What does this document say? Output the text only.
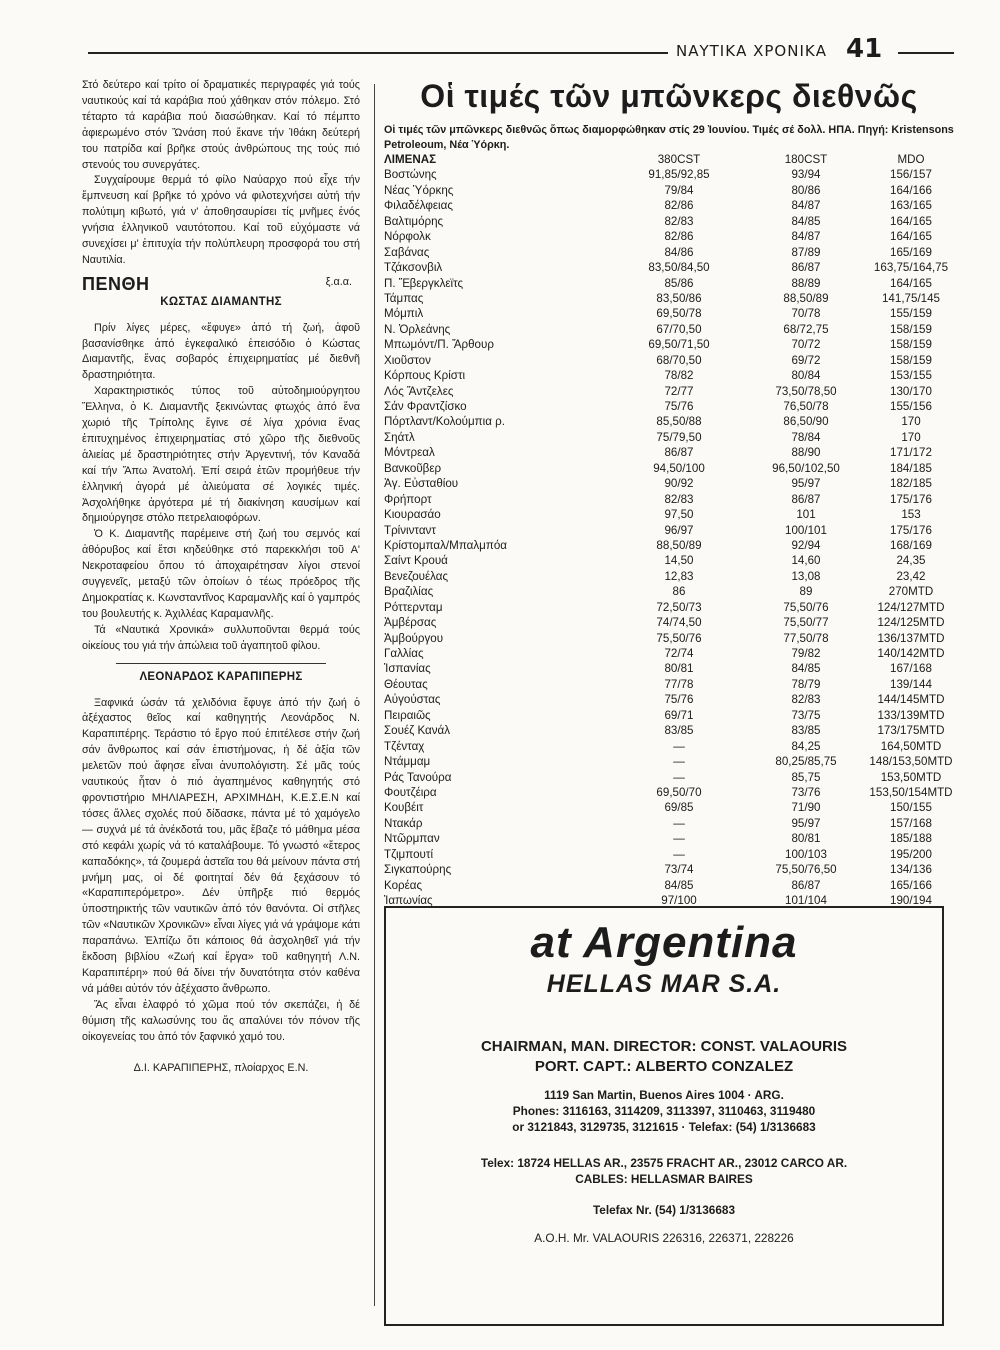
ΝΑΥΤΙΚΑ ΧΡΟΝΙΚΑ 41

Στό δεύτερο καί τρίτο οί δραματικές περιγραφές γιά τούς ναυτικούς καί τά καράβια πού χάθηκαν στόν πόλεμο. Στό τέταρτο τά καράβια πού διασώθηκαν. Καί τό πέμπτο ἀφιερωμένο στόν Ὤνάση πού ἔκανε τήν Ἰθάκη δεύτερή του πατρίδα καί βρῆκε στούς ἀνθρώπους της τούς πιό στενούς του συνεργάτες.

Συγχαίρουμε θερμά τό φίλο Ναύαρχο πού εἶχε τήν ἔμπνευση καί βρῆκε τό χρόνο νά φιλοτεχνήσει αὐτή τήν πολύτιμη κιβωτό, γιά ν' ἀποθησαυρίσει τίς μνῆμες ἑνός γνήσια ἑλληνικοῦ ναυτότοπου. Καί τοῦ εὐχόμαστε νά συνεχίσει μ' ἐπιτυχία τήν πολύπλευρη προσφορά του στή Ναυτιλία.

ξ.α.α.
ΠΕΝΘΗ
ΚΩΣΤΑΣ ΔΙΑΜΑΝΤΗΣ

Πρίν λίγες μέρες, «ἔφυγε» ἀπό τή ζωή, ἀφοῦ βασανίσθηκε ἀπό ἐγκεφαλικό ἐπεισόδιο ὁ Κώστας Διαμαντῆς, ἕνας σοβαρός ἐπιχειρηματίας μέ διεθνῆ δραστηριότητα.

Χαρακτηριστικός τύπος τοῦ αὐτοδημιούργητου Ἕλληνα, ὁ Κ. Διαμαντῆς ξεκινώντας φτωχός ἀπό ἕνα χωριό τῆς Τρίπολης ἔγινε σέ λίγα χρόνια ἕνας ἐπιτυχημένος ἐπιχειρηματίας στό χῶρο τῆς διεθνοῦς ἁλιείας μέ δραστηριότητες στήν Ἀργεντινή, τόν Καναδά καί τήν Ἄπω Ἀνατολή. Ἐπί σειρά ἐτῶν προμήθευε τήν ἑλληνική ἀγορά μέ ἀλιεύματα σέ λογικές τιμές. Ἀσχολήθηκε ἀργότερα μέ τή διακίνηση καυσίμων καί δημιούργησε στόλο πετρελαιοφόρων.

Ὁ Κ. Διαμαντῆς παρέμεινε στή ζωή του σεμνός καί ἀθόρυβος καί ἔτσι κηδεύθηκε στό παρεκκλήσι τοῦ Α' Νεκροταφείου ὅπου τό ἀποχαιρέτησαν λίγοι στενοί συγγενεῖς, μεταξύ τῶν ὁποίων ὁ τέως πρόεδρος τῆς Δημοκρατίας κ. Κωνσταντῖνος Καραμανλῆς καί ὁ γαμπρός του βουλευτής κ. Ἀχιλλέας Καραμανλῆς.

Τά «Ναυτικά Χρονικά» συλλυποῦνται θερμά τούς οἰκείους του γιά τήν ἀπώλεια τοῦ ἀγαπητοῦ φίλου.

ΛΕΟΝΑΡΔΟΣ ΚΑΡΑΠΙΠΕΡΗΣ

Ξαφνικά ὡσάν τά χελιδόνια ἔφυγε ἀπό τήν ζωή ὁ ἀξέχαστος θεῖος καί καθηγητής Λεονάρδος Ν. Καραπιπέρης. Τεράστιο τό ἔργο πού ἐπιτέλεσε στήν ζωή σάν ἄνθρωπος καί σάν ἐπιστήμονας, ἡ δέ ἀξία τῶν μελετῶν πού ἄφησε εἶναι ἀνυπολόγιστη. Σέ μᾶς τούς ναυτικούς ἦταν ὁ πιό ἀγαπημένος καθηγητής στό φροντιστήριο ΜΗΛΙΑΡΕΣΗ, ΑΡΧΙΜΗΔΗ, Κ.Ε.Σ.Ε.Ν καί τόσες ἄλλες σχολές πού δίδασκε, πάντα μέ τό χαμόγελο — συχνά μέ τά ἀνέκδοτά του, μᾶς ἔβαζε τό μάθημα μέσα στό κεφάλι χωρίς νά τό καταλάβουμε. Τό γνωστό «ἕτερος καπαδόκης», τά ζουμερά ἀστεῖα του θά μείνουν πάντα στή μνήμη μας, οἱ δέ φοιτηταί δέν θά ξεχάσουν τό «Καραπιπερόμετρο». Δέν ὑπῆρξε πιό θερμός ὑποστηρικτής τῶν ναυτικῶν ἀπό τόν θανόντα. Οἱ στῆλες τῶν «Ναυτικῶν Χρονικῶν» εἶναι λίγες γιά νά γράψομε κάτι παραπάνω. Ἐλπίζω ὅτι κάποιος θά ἀσχοληθεῖ γιά τήν ἔκδοση βιβλίου «Ζωή καί ἔργα» τοῦ καθηγητή Λ.Ν. Καραπιπέρη» πού θά δίνει τήν δυνατότητα στόν καθένα νά μάθει αὐτόν τόν ἀξέχαστο ἄνθρωπο.

Ἄς εἶναι ἐλαφρό τό χῶμα πού τόν σκεπάζει, ἡ δέ θύμιση τῆς καλωσύνης του ἄς απαλύνει τόν πόνον τῆς οἰκογενείας του ἀπό τόν ξαφνικό χαμό του.

Δ.Ι. ΚΑΡΑΠΙΠΕΡΗΣ, πλοίαρχος Ε.Ν.
Οἱ τιμές τῶν μπῶνκερς διεθνῶς
Οἱ τιμές τῶν μπῶνκερς διεθνῶς ὅπως διαμορφώθηκαν στίς 29 Ἰουνίου. Τιμές σέ δολλ. ΗΠΑ. Πηγή: Kristensons Petroleoum, Νέα Ὑόρκη.
ΛΙΜΕΝΑΣ	380CST	180CST	MDO
Βοστώνης	91,85/92,85	93/94	156/157
Νέας Ὑόρκης	79/84	80/86	164/166
Φιλαδέλφειας	82/86	84/87	163/165
Βαλτιμόρης	82/83	84/85	164/165
Νόρφολκ	82/86	84/87	164/165
Σαβάνας	84/86	87/89	165/169
Τζάκσονβιλ	83,50/84,50	86/87	163,75/164,75
Π. Ἔβεργκλεϊτς	85/86	88/89	164/165
Τάμπας	83,50/86	88,50/89	141,75/145
Μόμπιλ	69,50/78	70/78	155/159
Ν. Ὀρλεάνης	67/70,50	68/72,75	158/159
Μπωμόντ/Π. Ἄρθουρ	69,50/71,50	70/72	158/159
Χιοῦστον	68/70,50	69/72	158/159
Κόρπους Κρίστι	78/82	80/84	153/155
Λός Ἄντζελες	72/77	73,50/78,50	130/170
Σάν Φραντζίσκο	75/76	76,50/78	155/156
Πόρτλαντ/Κολούμπια ρ.	85,50/88	86,50/90	170
Σηάτλ	75/79,50	78/84	170
Μόντρεαλ	86/87	88/90	171/172
Βανκοῦβερ	94,50/100	96,50/102,50	184/185
Ἀγ. Εὐσταθίου	90/92	95/97	182/185
Φρήπορτ	82/83	86/87	175/176
Κιουρασάο	97,50	101	153
Τρίνινταντ	96/97	100/101	175/176
Κρίστομπαλ/Μπαλμπόα	88,50/89	92/94	168/169
Σαίντ Κρουά	14,50	14,60	24,35
Βενεζουέλας	12,83	13,08	23,42
Βραζιλίας	86	89	270MTD
Ρόττερνταμ	72,50/73	75,50/76	124/127MTD
Ἀμβέρσας	74/74,50	75,50/77	124/125MTD
Ἀμβούργου	75,50/76	77,50/78	136/137MTD
Γαλλίας	72/74	79/82	140/142MTD
Ἰσπανίας	80/81	84/85	167/168
Θέουτας	77/78	78/79	139/144
Αὐγούστας	75/76	82/83	144/145MTD
Πειραιῶς	69/71	73/75	133/139MTD
Σουέζ Κανάλ	83/85	83/85	173/175MTD
Τζένταχ	—	84,25	164,50MTD
Ντάμμαμ	—	80,25/85,75	148/153,50MTD
Ράς Τανούρα	—	85,75	153,50MTD
Φουτζέιρα	69,50/70	73/76	153,50/154MTD
Κουβέιτ	69/85	71/90	150/155
Ντακάρ	—	95/97	157/168
Ντῶρμπαν	—	80/81	185/188
Τζιμπουτί	—	100/103	195/200
Σιγκαπούρης	73/74	75,50/76,50	134/136
Κορέας	84/85	86/87	165/166
Ἰαπωνίας	97/100	101/104	190/194
at Argentina
HELLAS MAR S.A.
CHAIRMAN, MAN. DIRECTOR: CONST. VALAOURIS
PORT. CAPT.: ALBERTO CONZALEZ
1119 San Martin, Buenos Aires 1004 · ARG.
Phones: 3116163, 3114209, 3113397, 3110463, 3119480
or 3121843, 3129735, 3121615 · Telefax: (54) 1/3136683
Telex: 18724 HELLAS AR., 23575 FRACHT AR., 23012 CARCO AR.
CABLES: HELLASMAR BAIRES
Telefax Nr. (54) 1/3136683
Α.Ο.Η. Mr. VALAOURIS 226316, 226371, 228226
